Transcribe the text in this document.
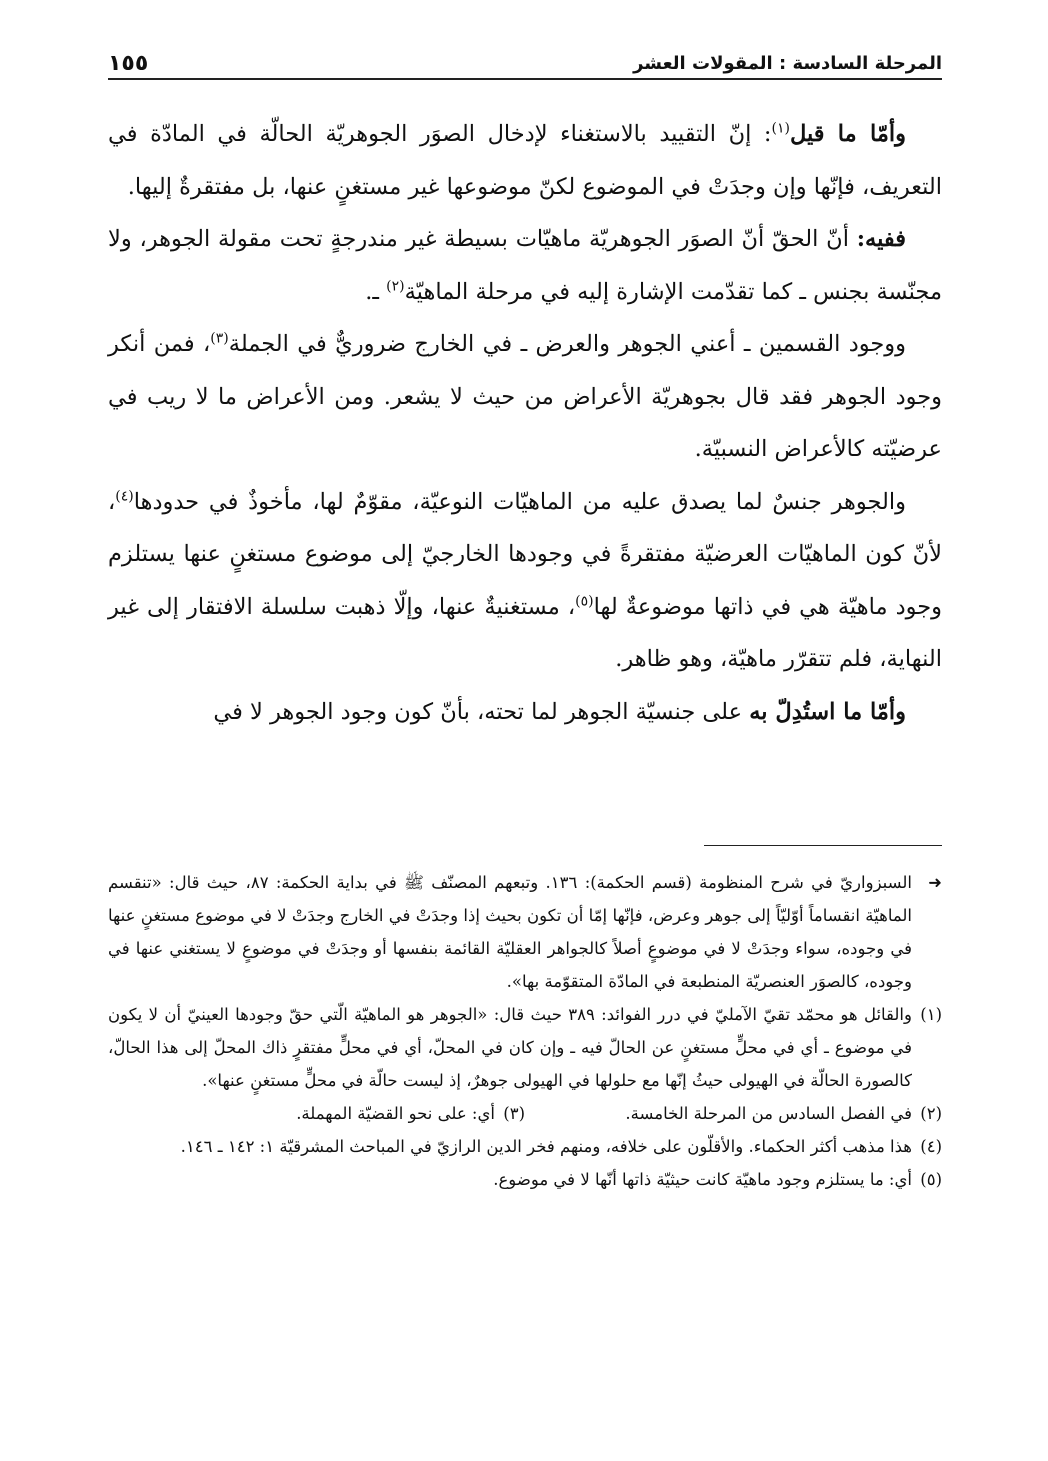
١٥٥	المرحلة السادسة : المقولات العشر

وأمّا ما قيل$^{(١)}$: إنّ التقييد بالاستغناء لإدخال الصوَر الجوهريّة الحالّة في المادّة في التعريف، فإنّها وإن وجدَتْ في الموضوع لكنّ موضوعها غير مستغنٍ عنها، بل مفتقرةٌ إليها.

ففيه: أنّ الحقّ أنّ الصوَر الجوهريّة ماهيّات بسيطة غير مندرجةٍ تحت مقولة الجوهر، ولا مجنّسة بجنس ـ كما تقدّمت الإشارة إليه في مرحلة الماهيّة$^{(٢)}$ ـ.

ووجود القسمين ـ أعني الجوهر والعرض ـ في الخارج ضروريٌّ في الجملة$^{(٣)}$، فمن أنكر وجود الجوهر فقد قال بجوهريّة الأعراض من حيث لا يشعر. ومن الأعراض ما لا ريب في عرضيّته كالأعراض النسبيّة.

والجوهر جنسٌ لما يصدق عليه من الماهيّات النوعيّة، مقوّمٌ لها، مأخوذٌ في حدودها$^{(٤)}$، لأنّ كون الماهيّات العرضيّة مفتقرةً في وجودها الخارجيّ إلى موضوع مستغنٍ عنها يستلزم وجود ماهيّة هي في ذاتها موضوعةٌ لها$^{(٥)}$، مستغنيةٌ عنها، وإلّا ذهبت سلسلة الافتقار إلى غير النهاية، فلم تتقرّر ماهيّة، وهو ظاهر.

وأمّا ما استُدِلّ به على جنسيّة الجوهر لما تحته، بأنّ كون وجود الجوهر لا في

➜
السبزواريّ في شرح المنظومة (قسم الحكمة): ١٣٦. وتبعهم المصنّف ﷺ في بداية الحكمة: ٨٧، حيث قال: «تنقسم الماهيّة انقساماً أوّليّاً إلى جوهر وعرض، فإنّها إمّا أن تكون بحيث إذا وجدَتْ في الخارج وجدَتْ لا في موضوع مستغنٍ عنها في وجوده، سواء وجدَتْ لا في موضوعٍ أصلاً كالجواهر العقليّة القائمة بنفسها أو وجدَتْ في موضوعٍ لا يستغني عنها في وجوده، كالصوَر العنصريّة المنطبعة في المادّة المتقوّمة بها».
(١)
والقائل هو محمّد تقيّ الآمليّ في درر الفوائد: ٣٨٩ حيث قال: «الجوهر هو الماهيّة الّتي حقّ وجودها العينيّ أن لا يكون في موضوع ـ أي في محلٍّ مستغنٍ عن الحالّ فيه ـ وإن كان في المحلّ، أي في محلٍّ مفتقرٍ ذاك المحلّ إلى هذا الحالّ، كالصورة الحالّة في الهيولى حيثُ إنّها مع حلولها في الهيولى جوهرٌ، إذ ليست حالّة في محلٍّ مستغنٍ عنها».
(٢)
في الفصل السادس من المرحلة الخامسة.
(٣)
أي: على نحو القضيّة المهملة.
(٤)
هذا مذهب أكثر الحكماء. والأقلّون على خلافه، ومنهم فخر الدين الرازيّ في المباحث المشرقيّة ١: ١٤٢ ـ ١٤٦.
(٥)
أي: ما يستلزم وجود ماهيّة كانت حيثيّة ذاتها أنّها لا في موضوع.
